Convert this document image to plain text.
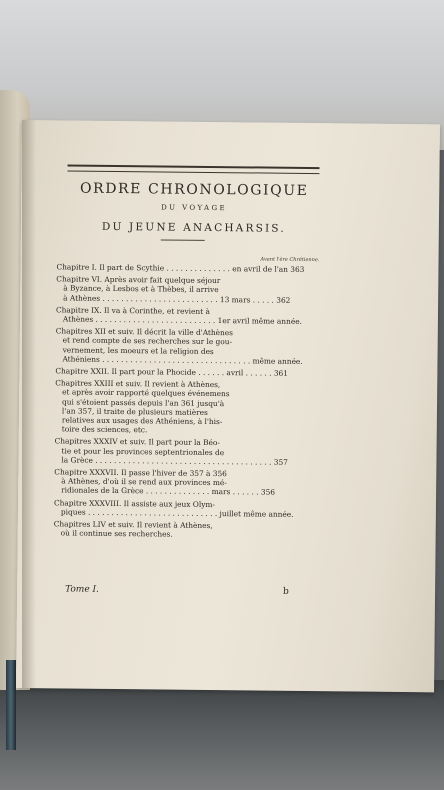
ORDRE CHRONOLOGIQUE
DU VOYAGE
DU JEUNE ANACHARSIS.
Avant l'ère Chrétienne.
Chapitre I. Il part de Scythie . . . . . . . . . . . . . . en avril de l'an 363
Chapitre VI. Après avoir fait quelque séjour
à Byzance, à Lesbos et à Thèbes, il arrive
à Athènes . . . . . . . . . . . . . . . . . . . . . . . . . 13 mars . . . . . 362
Chapitre IX. Il va à Corinthe, et revient à
Athènes . . . . . . . . . . . . . . . . . . . . . . . . . . 1er avril même année.
Chapitres XII et suiv. Il décrit la ville d'Athènes
et rend compte de ses recherches sur le gou-
vernement, les moeurs et la religion des
Athéniens . . . . . . . . . . . . . . . . . . . . . . . . . . . . . . . . même année.
Chapitre XXII. Il part pour la Phocide . . . . . . avril . . . . . . 361
Chapitres XXIII et suiv. Il revient à Athènes,
et après avoir rapporté quelques événemens
qui s'étoient passés depuis l'an 361 jusqu'à
l'an 357, il traite de plusieurs matières
relatives aux usages des Athéniens, à l'his-
toire des sciences, etc.
Chapitres XXXIV et suiv. Il part pour la Béo-
tie et pour les provinces septentrionales de
la Grèce . . . . . . . . . . . . . . . . . . . . . . . . . . . . . . . . . . . . . . 357
Chapitre XXXVII. Il passe l'hiver de 357 à 356
à Athènes, d'où il se rend aux provinces mé-
ridionales de la Grèce . . . . . . . . . . . . . . mars . . . . . . 356
Chapitre XXXVIII. Il assiste aux jeux Olym-
piques . . . . . . . . . . . . . . . . . . . . . . . . . . . . juillet même année.
Chapitres LIV et suiv. Il revient à Athènes,
où il continue ses recherches.
Tome I.	b
